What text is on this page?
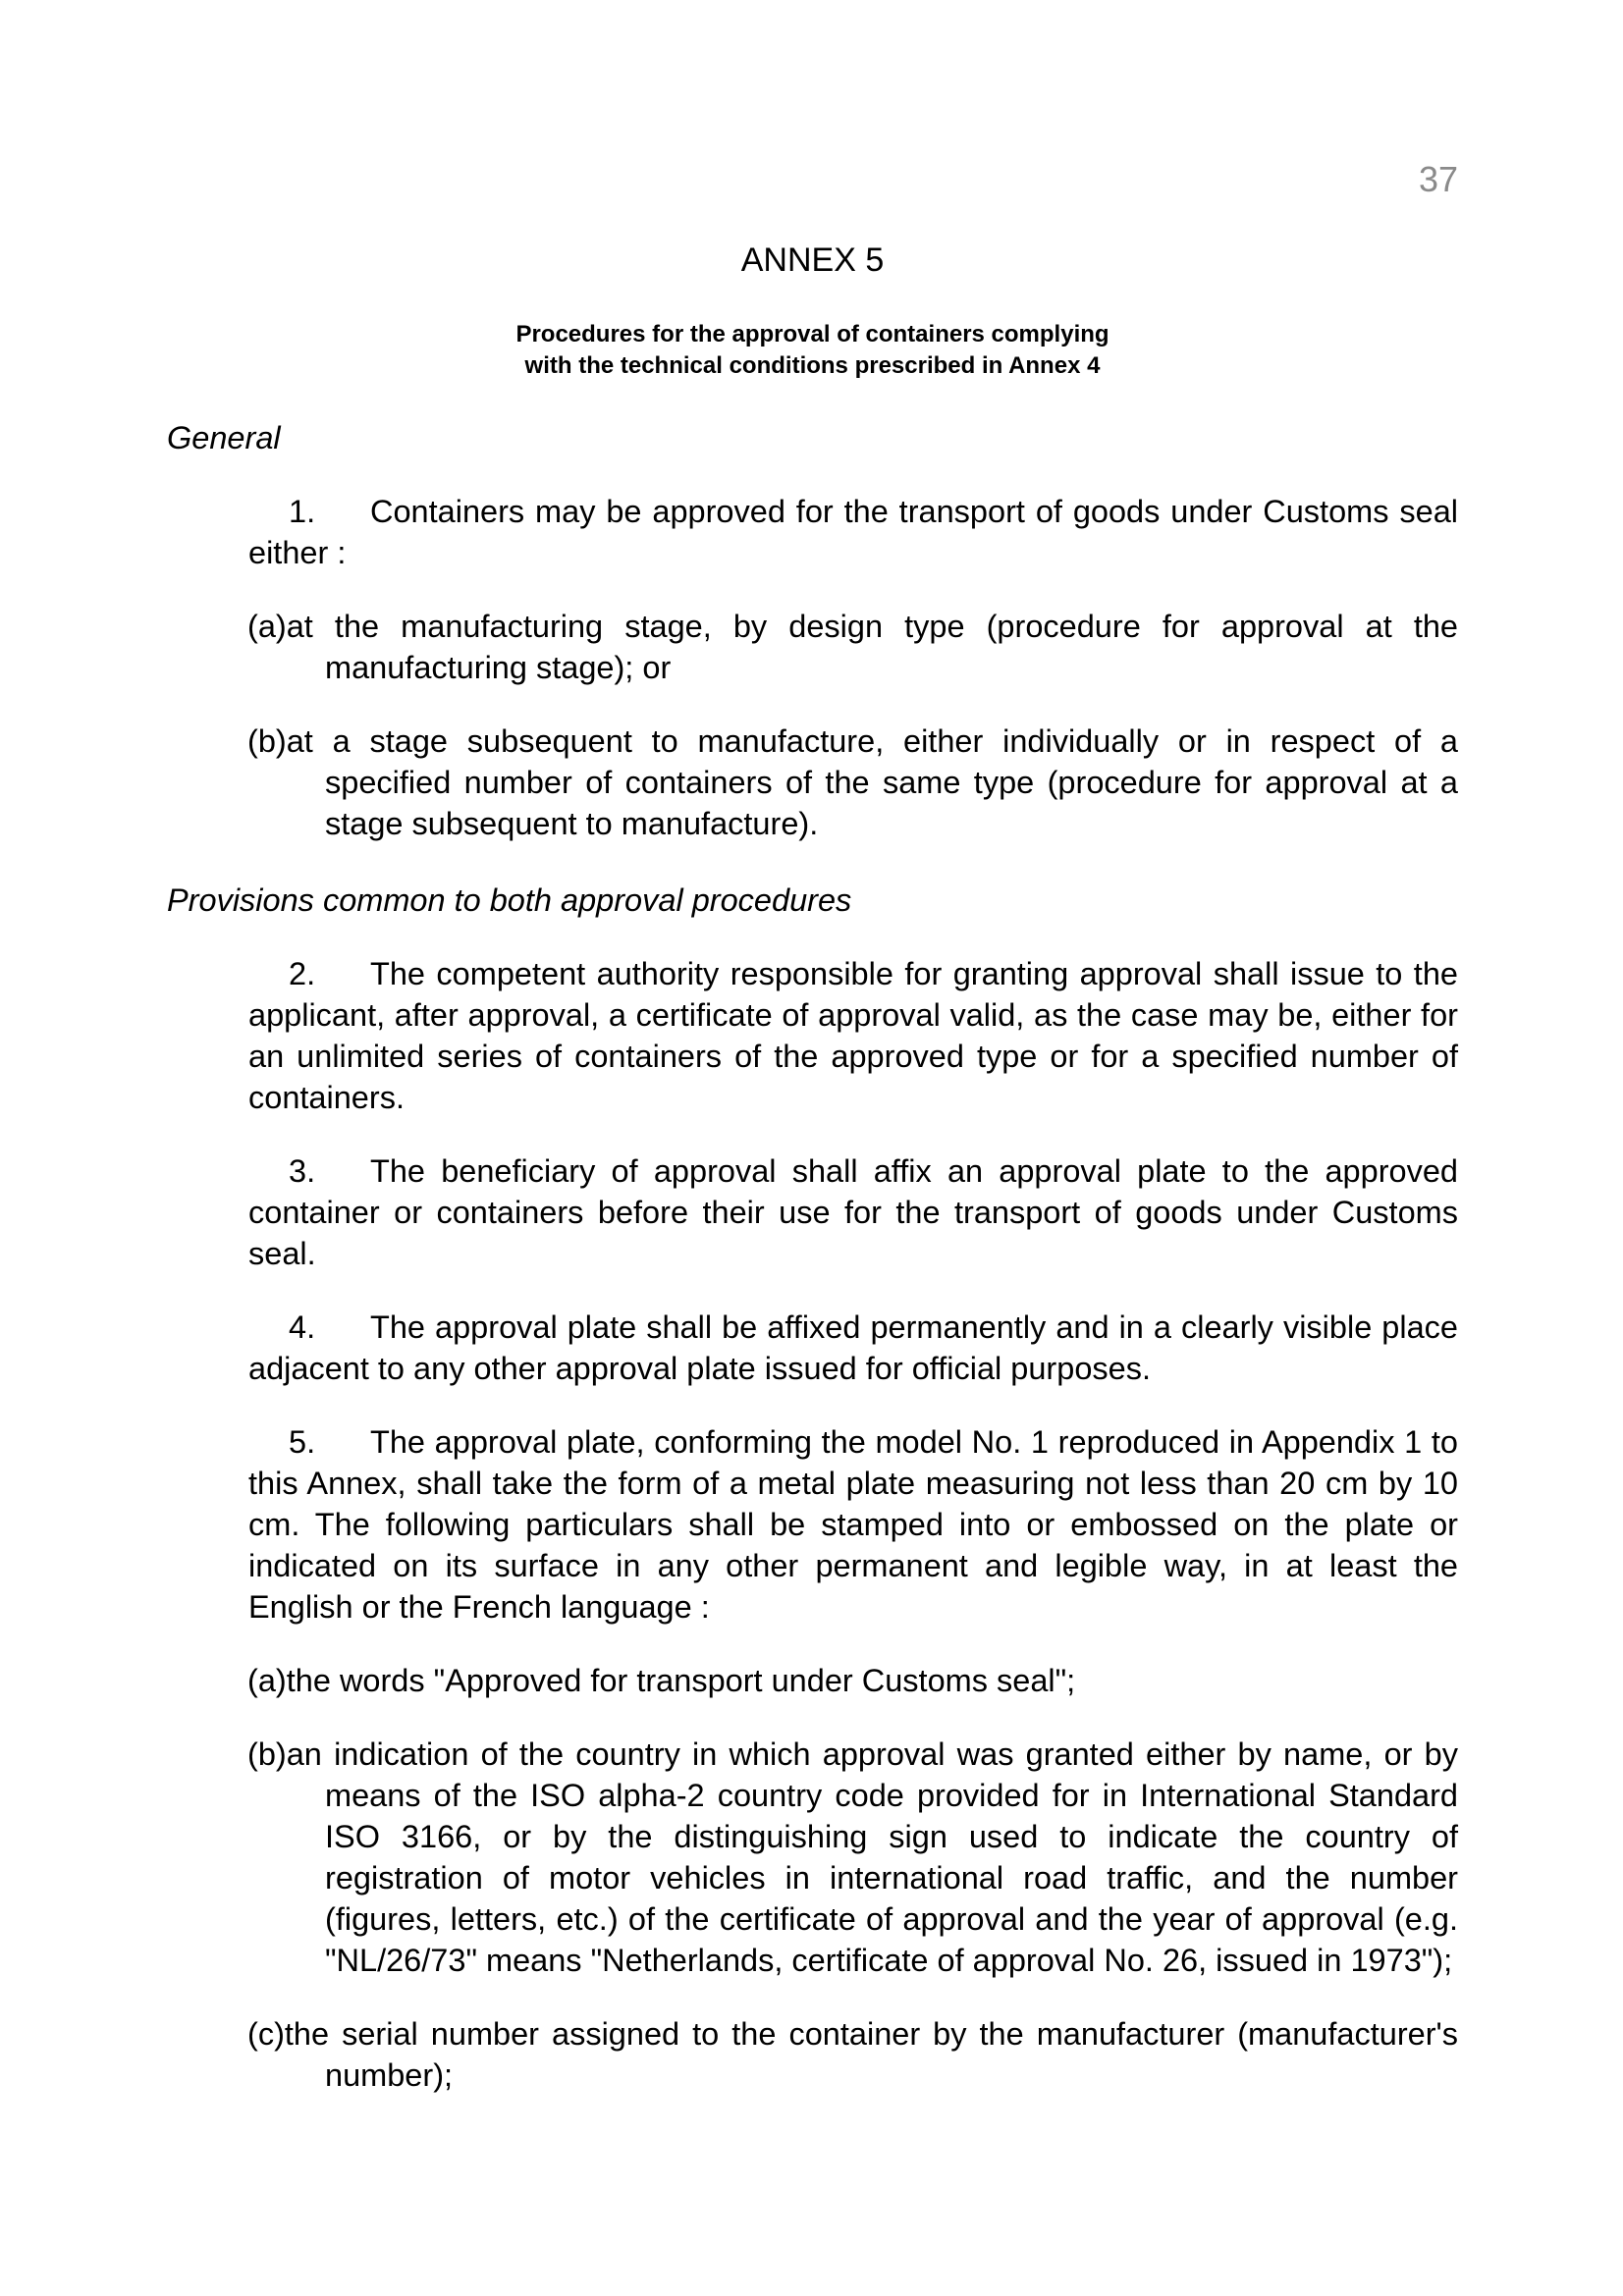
37
ANNEX 5
Procedures for the approval of containers complying
with the technical conditions prescribed in Annex 4
General
1. Containers may be approved for the transport of goods under Customs seal either :
(a)at the manufacturing stage, by design type (procedure for approval at the manufacturing stage); or
(b)at a stage subsequent to manufacture, either individually or in respect of a specified number of containers of the same type (procedure for approval at a stage subsequent to manufacture).
Provisions common to both approval procedures
2. The competent authority responsible for granting approval shall issue to the applicant, after approval, a certificate of approval valid, as the case may be, either for an unlimited series of containers of the approved type or for a specified number of containers.
3. The beneficiary of approval shall affix an approval plate to the approved container or containers before their use for the transport of goods under Customs seal.
4. The approval plate shall be affixed permanently and in a clearly visible place adjacent to any other approval plate issued for official purposes.
5. The approval plate, conforming the model No. 1 reproduced in Appendix 1 to this Annex, shall take the form of a metal plate measuring not less than 20 cm by 10 cm. The following particulars shall be stamped into or embossed on the plate or indicated on its surface in any other permanent and legible way, in at least the English or the French language :
(a)the words "Approved for transport under Customs seal";
(b)an indication of the country in which approval was granted either by name, or by means of the ISO alpha-2 country code provided for in International Standard ISO 3166, or by the distinguishing sign used to indicate the country of registration of motor vehicles in international road traffic, and the number (figures, letters, etc.) of the certificate of approval and the year of approval (e.g. "NL/26/73" means "Netherlands, certificate of approval No. 26, issued in 1973");
(c)the serial number assigned to the container by the manufacturer (manufacturer's number);
